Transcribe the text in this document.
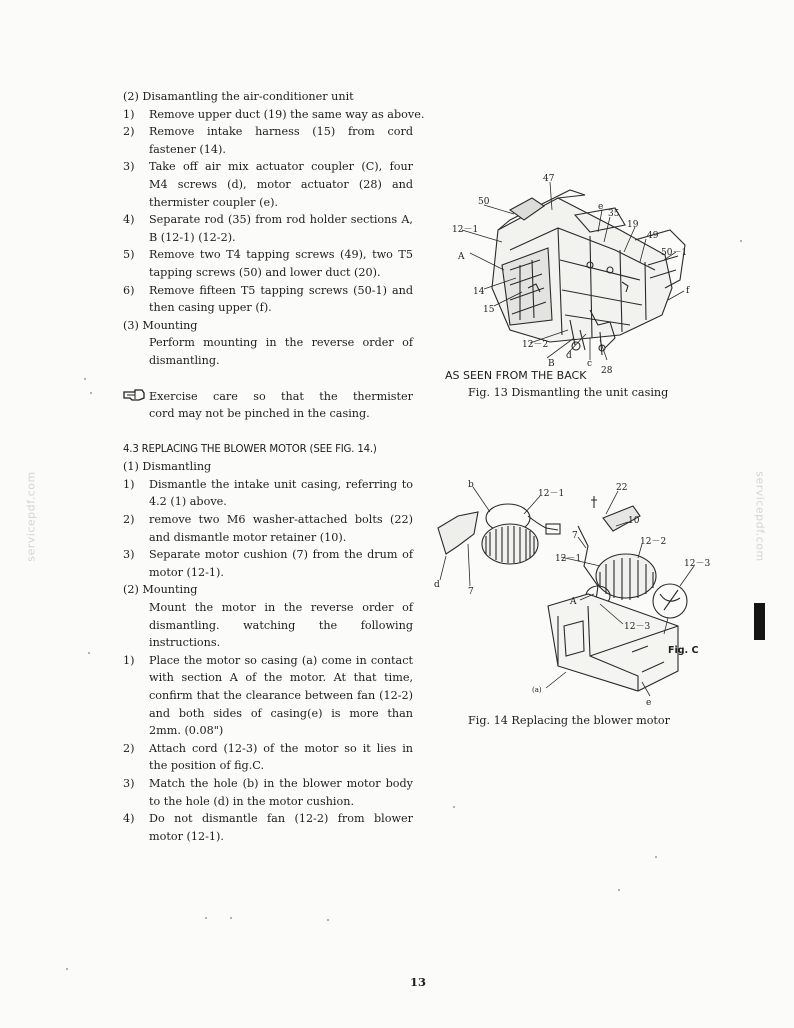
servicepdf.com	servicepdf.com
(2) Disamantling the air-conditioner unit
1) Remove upper duct (19) the same way as above.
2) Remove intake harness (15) from cord
fastener (14).
3) Take off air mix actuator coupler (C), four
M4 screws (d), motor actuator (28) and
thermister coupler (e).
4) Separate rod (35) from rod holder sections A,
B (12-1) (12-2).
5) Remove two T4 tapping screws (49), two T5
tapping screws (50) and lower duct (20).
6) Remove fifteen T5 tapping screws (50-1) and
then casing upper (f).
(3) Mounting
Perform mounting in the reverse order of
dismantling.
Exercise care so that the thermister
cord may not be pinched in the casing.
4.3 REPLACING THE BLOWER MOTOR (SEE FIG. 14.)
(1) Dismantling
1) Dismantle the intake unit casing, referring to
4.2 (1) above.
2) remove two M6 washer-attached bolts (22)
and dismantle motor retainer (10).
3) Separate motor cushion (7) from the drum of
motor (12-1).
(2) Mounting
Mount the motor in the reverse order of
dismantling. watching the following
instructions.
1) Place the motor so casing (a) come in contact
with section A of the motor. At that time,
confirm that the clearance between fan (12-2)
and both sides of casing(e) is more than
2mm. (0.08")
2) Attach cord (12-3) of the motor so it lies in
the position of fig.C.
3) Match the hole (b) in the blower motor body
to the hole (d) in the motor cushion.
4) Do not dismantle fan (12-2) from blower
motor (12-1).
47
50
12－1
A
e
35
19
49
50－1
f
14
15
12－2
B
d
c
28
AS SEEN FROM THE BACK
Fig. 13 Dismantling the unit casing
b
12－1
22
10
7
12－2
12－1	12－3
d
7
A
12－3
Fig. C
(a)
e
Fig. 14 Replacing the blower motor
13
